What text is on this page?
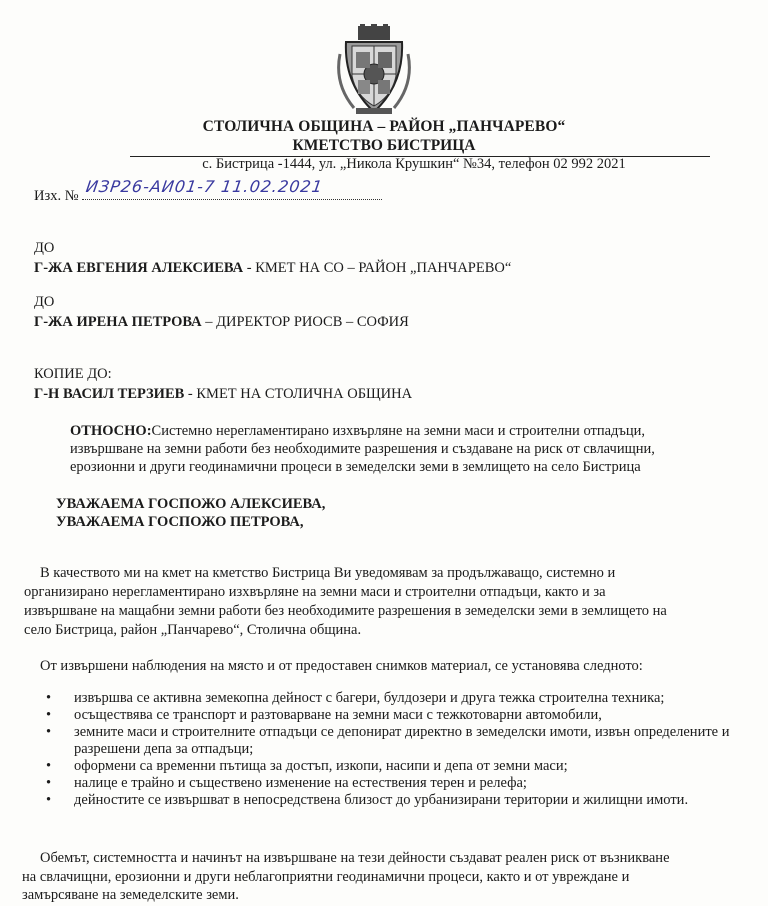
СТОЛИЧНА ОБЩИНА – РАЙОН „ПАНЧАРЕВО“
КМЕТСТВО БИСТРИЦА
с. Бистрица -1444, ул. „Никола Крушкин“ №34, телефон 02 992 2021
Изх. № ИЗР26-АИ01-7 11.02.2021
ДО
Г-ЖА ЕВГЕНИЯ АЛЕКСИЕВА - КМЕТ НА СО – РАЙОН „ПАНЧАРЕВО“
ДО
Г-ЖА ИРЕНА ПЕТРОВА – ДИРЕКТОР РИОСВ – СОФИЯ
КОПИЕ ДО:
Г-Н ВАСИЛ ТЕРЗИЕВ - КМЕТ НА СТОЛИЧНА ОБЩИНА
ОТНОСНО:Системно нерегламентирано изхвърляне на земни маси и строителни отпадъци,
извършване на земни работи без необходимите разрешения и създаване на риск от свлачищни,
ерозионни и други геодинамични процеси в земеделски земи в землището на село Бистрица
УВАЖАЕМА ГОСПОЖО АЛЕКСИЕВА,
УВАЖАЕМА ГОСПОЖО ПЕТРОВА,
В качеството ми на кмет на кметство Бистрица Ви уведомявам за продължаващо, системно и
организирано нерегламентирано изхвърляне на земни маси и строителни отпадъци, както и за
извършване на мащабни земни работи без необходимите разрешения в земеделски земи в землището на
село Бистрица, район „Панчарево“, Столична община.
От извършени наблюдения на място и от предоставен снимков материал, се установява следното:
• извършва се активна земекопна дейност с багери, булдозери и друга тежка строителна техника;
• осъществява се транспорт и разтоварване на земни маси с тежкотоварни автомобили,
• земните маси и строителните отпадъци се депонират директно в земеделски имоти, извън определените и разрешени депа за отпадъци;
• оформени са временни пътища за достъп, изкопи, насипи и депа от земни маси;
• налице е трайно и съществено изменение на естествения терен и релефа;
• дейностите се извършват в непосредствена близост до урбанизирани територии и жилищни имоти.
Обемът, системността и начинът на извършване на тези дейности създават реален риск от възникване
на свлачищни, ерозионни и други неблагоприятни геодинамични процеси, както и от увреждане и
замърсяване на земеделските земи.
